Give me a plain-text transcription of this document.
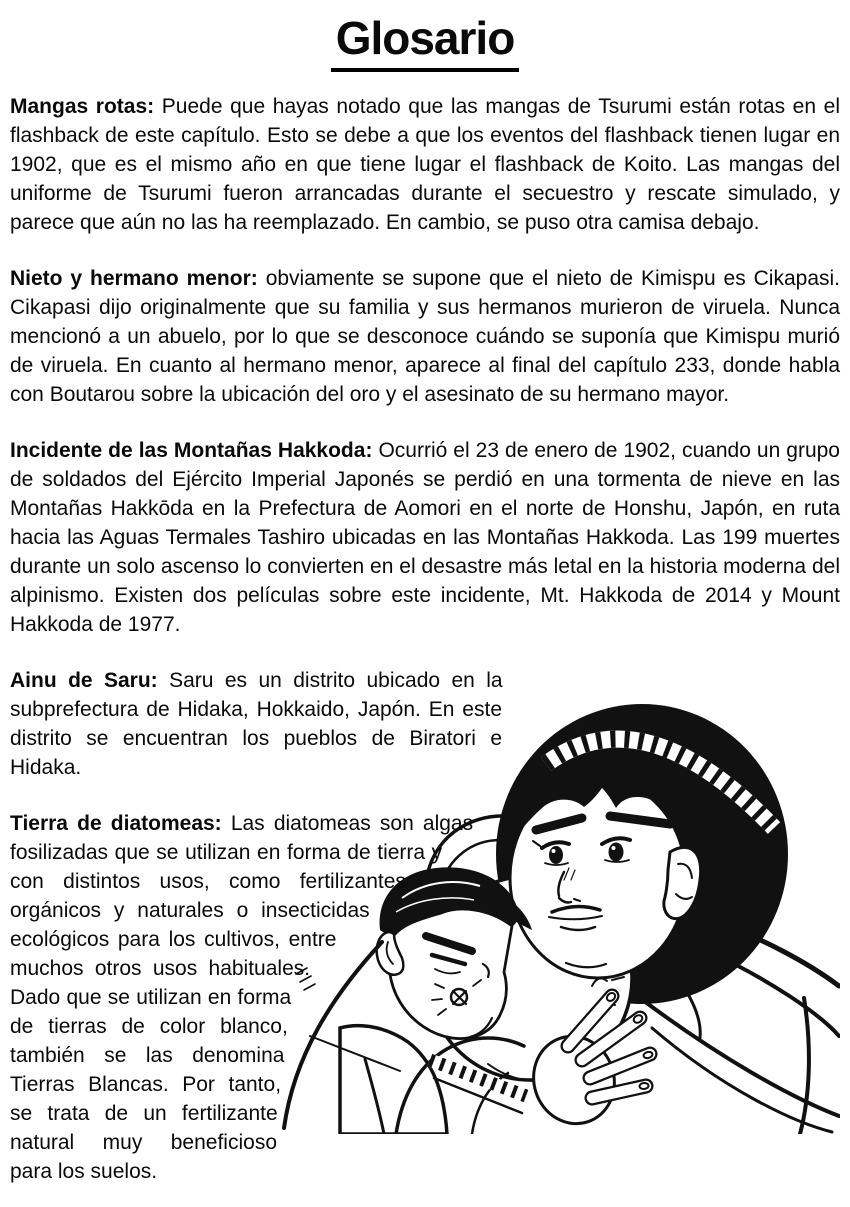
Glosario

Mangas rotas: Puede que hayas notado que las mangas de Tsurumi están rotas en el flashback de este capítulo. Esto se debe a que los eventos del flashback tienen lugar en 1902, que es el mismo año en que tiene lugar el flashback de Koito. Las mangas del uniforme de Tsurumi fueron arrancadas durante el secuestro y rescate simulado, y parece que aún no las ha reemplazado. En cambio, se puso otra camisa debajo.

Nieto y hermano menor: obviamente se supone que el nieto de Kimispu es Cikapasi. Cikapasi dijo originalmente que su familia y sus hermanos murieron de viruela. Nunca mencionó a un abuelo, por lo que se desconoce cuándo se suponía que Kimispu murió de viruela. En cuanto al hermano menor, aparece al final del capítulo 233, donde habla con Boutarou sobre la ubicación del oro y el asesinato de su hermano mayor.

Incidente de las Montañas Hakkoda: Ocurrió el 23 de enero de 1902, cuando un grupo de soldados del Ejército Imperial Japonés se perdió en una tormenta de nieve en las Montañas Hakkōda en la Prefectura de Aomori en el norte de Honshu, Japón, en ruta hacia las Aguas Termales Tashiro ubicadas en las Montañas Hakkoda. Las 199 muertes durante un solo ascenso lo convierten en el desastre más letal en la historia moderna del alpinismo. Existen dos películas sobre este incidente, Mt. Hakkoda de 2014 y Mount Hakkoda de 1977.

Ainu de Saru: Saru es un distrito ubicado en la subprefectura de Hidaka, Hokkaido, Japón. En este distrito se encuentran los pueblos de Biratori e Hidaka.

Tierra de diatomeas: Las diatomeas son algas fosilizadas que se utilizan en forma de tierra y con distintos usos, como fertilizantes orgánicos y naturales o insecticidas ecológicos para los cultivos, entre muchos otros usos habituales. Dado que se utilizan en forma de tierras de color blanco, también se las denomina Tierras Blancas. Por tanto, se trata de un fertilizante natural muy beneficioso para los suelos.
